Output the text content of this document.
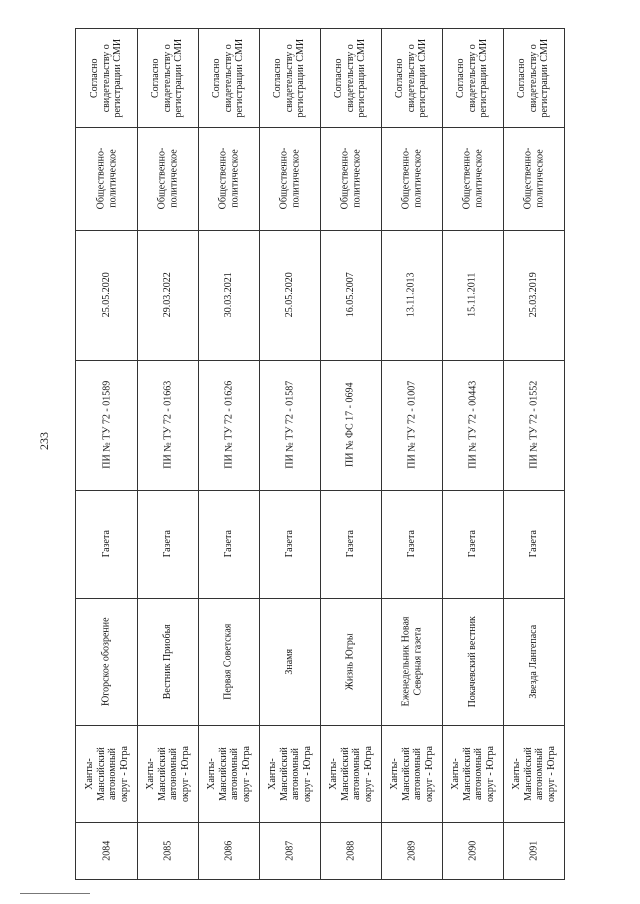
233
Согласно
свидетельству о
регистрации СМИ
Общественно-
политическое
25.05.2020
ПИ № ТУ 72 - 01589
Газета
Югорское обозрение
Ханты-
Мансийский
автономный
округ - Югра
2084
Согласно
свидетельству о
регистрации СМИ
Общественно-
политическое
29.03.2022
ПИ № ТУ 72 - 01663
Газета
Вестник Приобья
Ханты-
Мансийский
автономный
округ - Югра
2085
Согласно
свидетельству о
регистрации СМИ
Общественно-
политическое
30.03.2021
ПИ № ТУ 72 - 01626
Газета
Первая Советская
Ханты-
Мансийский
автономный
округ - Югра
2086
Согласно
свидетельству о
регистрации СМИ
Общественно-
политическое
25.05.2020
ПИ № ТУ 72 - 01587
Газета
Знамя
Ханты-
Мансийский
автономный
округ - Югра
2087
Согласно
свидетельству о
регистрации СМИ
Общественно-
политическое
16.05.2007
ПИ № ФС 17 - 0694
Газета
Жизнь Югры
Ханты-
Мансийский
автономный
округ - Югра
2088
Согласно
свидетельству о
регистрации СМИ
Общественно-
политическое
13.11.2013
ПИ № ТУ 72 - 01007
Газета
Еженедельник Новая
Северная газета
Ханты-
Мансийский
автономный
округ - Югра
2089
Согласно
свидетельству о
регистрации СМИ
Общественно-
политическое
15.11.2011
ПИ № ТУ 72 - 00443
Газета
Покачевский вестник
Ханты-
Мансийский
автономный
округ - Югра
2090
Согласно
свидетельству о
регистрации СМИ
Общественно-
политическое
25.03.2019
ПИ № ТУ 72 - 01552
Газета
Звезда Лангепаса
Ханты-
Мансийский
автономный
округ - Югра
2091
